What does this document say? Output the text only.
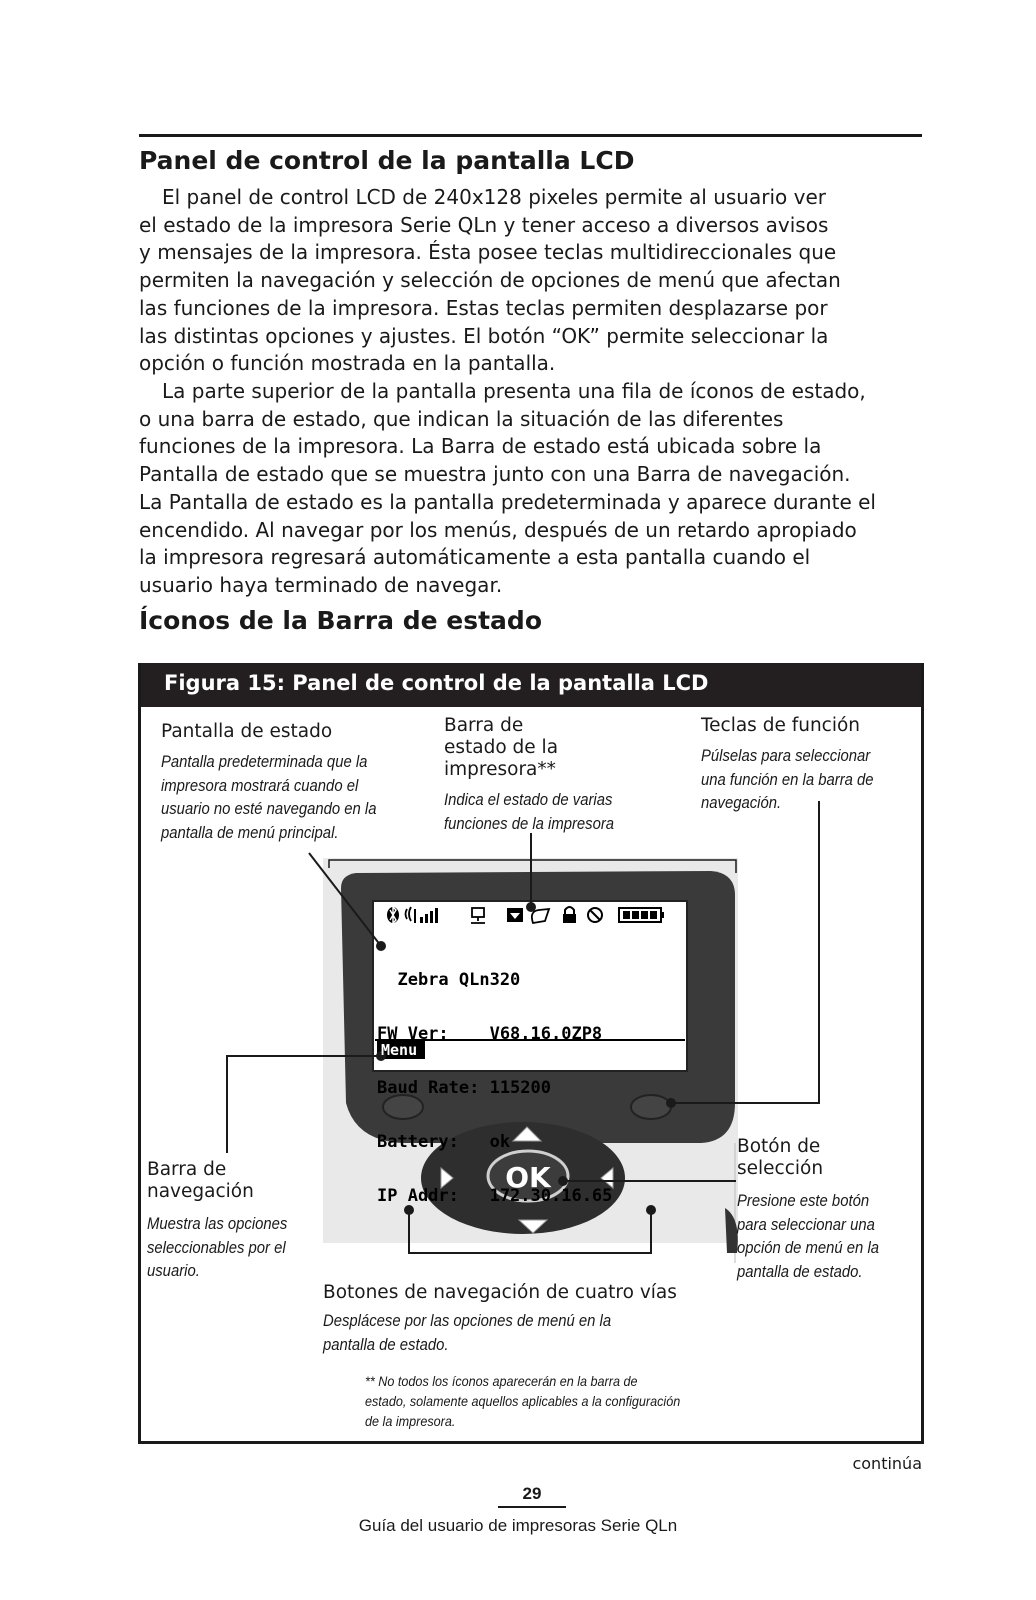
Panel de control de la pantalla LCD

El panel de control LCD de 240x128 pixeles permite al usuario ver
el estado de la impresora Serie QLn y tener acceso a diversos avisos
y mensajes de la impresora. Ésta posee teclas multidireccionales que
permiten la navegación y selección de opciones de menú que afectan
las funciones de la impresora. Estas teclas permiten desplazarse por
las distintas opciones y ajustes. El botón “OK” permite seleccionar la
opción o función mostrada en la pantalla.

La parte superior de la pantalla presenta una fila de íconos de estado,
o una barra de estado, que indican la situación de las diferentes
funciones de la impresora. La Barra de estado está ubicada sobre la
Pantalla de estado que se muestra junto con una Barra de navegación.
La Pantalla de estado es la pantalla predeterminada y aparece durante el
encendido. Al navegar por los menús, después de un retardo apropiado
la impresora regresará automáticamente a esta pantalla cuando el
usuario haya terminado de navegar.

Íconos de la Barra de estado
Figura 15: Panel de control de la pantalla LCD
Pantalla de estado
Pantalla predeterminada que la
impresora mostrará cuando el
usuario no esté navegando en la
pantalla de menú principal.
Barra de
estado de la
impresora**
Indica el estado de varias
funciones de la impresora
Teclas de función
Púlselas para seleccionar
una función en la barra de
navegación.
OK

Zebra QLn320

FW Ver:    V68.16.0ZP8

Baud Rate: 115200

Battery:   ok

IP Addr:   172.30.16.65

Menu
Barra de
navegación
Muestra las opciones
seleccionables por el
usuario.
Botón de
selección
Presione este botón
para seleccionar una
opción de menú en la
pantalla de estado.
Botones de navegación de cuatro vías
Desplácese por las opciones de menú en la
pantalla de estado.
** No todos los íconos aparecerán en la barra de
estado, solamente aquellos aplicables a la configuración
de la impresora.
continúa
29
Guía del usuario de impresoras Serie QLn
